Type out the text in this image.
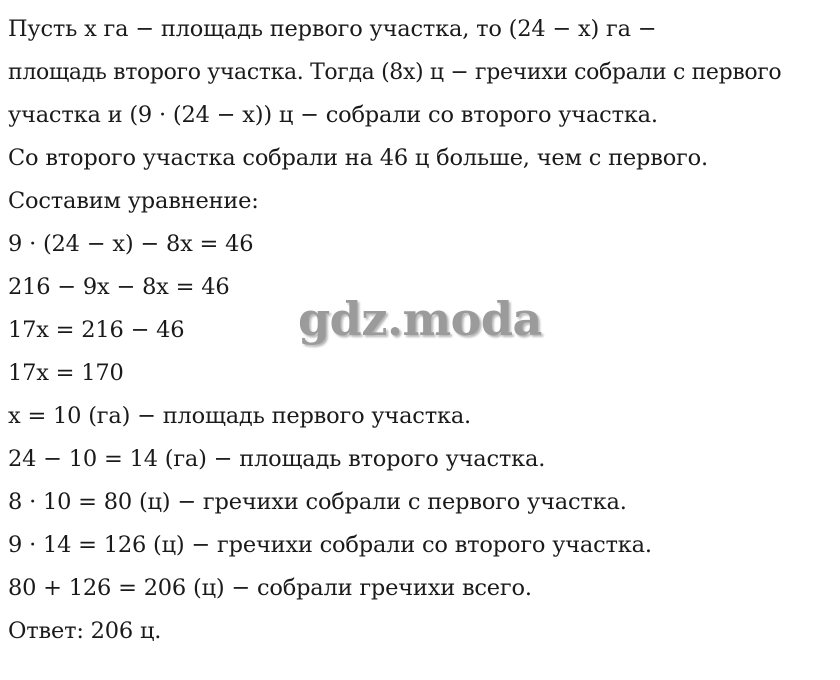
Пусть x га − площадь первого участка, то (24 − x) га −
площадь второго участка. Тогда (8x) ц − гречихи собрали с первого
участка и (9 · (24 − x)) ц − собрали со второго участка.
Со второго участка собрали на 46 ц больше, чем с первого.
Составим уравнение:
9 · (24 − x) − 8x = 46
216 − 9x − 8x = 46
17x = 216 − 46
17x = 170
x = 10 (га) − площадь первого участка.
24 − 10 = 14 (га) − площадь второго участка.
8 · 10 = 80 (ц) − гречихи собрали с первого участка.
9 · 14 = 126 (ц) − гречихи собрали со второго участка.
80 + 126 = 206 (ц) − собрали гречихи всего.
Ответ: 206 ц.
gdz.moda
